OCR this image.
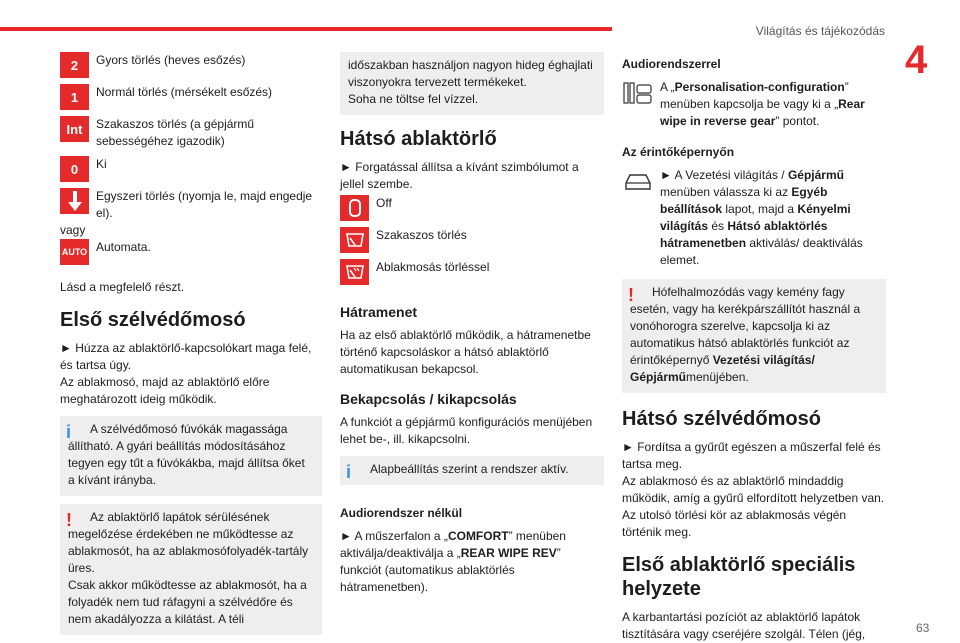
Világítás és tájékozódás
4
63
2	Gyors törlés (heves esőzés)

1	Normál törlés (mérsékelt esőzés)

Int	Szakaszos törlés (a gépjármű sebességéhez igazodik)

0	Ki

Egyszeri törlés (nyomja le, majd engedje el).

vagy

AUTO Automata.

Lásd a megfelelő részt.

Első szélvédőmosó

► Húzza az ablaktörlő-kapcsolókart maga felé, és tartsa úgy.
Az ablakmosó, majd az ablaktörlő előre meghatározott ideig működik.

i	A szélvédőmosó fúvókák magassága állítható. A gyári beállítás módosításához tegyen egy tűt a fúvókákba, majd állítsa őket a kívánt irányba.

!	Az ablaktörlő lapátok sérülésének megelőzése érdekében ne működtesse az ablakmosót, ha az ablakmosófolyadék-tartály üres.
Csak akkor működtesse az ablakmosót, ha a folyadék nem tud ráfagyni a szélvédőre és nem akadályozza a kilátást. A téli

időszakban használjon nagyon hideg éghajlati viszonyokra tervezett termékeket.
Soha ne töltse fel vízzel.

Hátsó ablaktörlő

► Forgatással állítsa a kívánt szimbólumot a jellel szembe.

Off

Szakaszos törlés

Ablakmosás törléssel

Hátramenet

Ha az első ablaktörlő működik, a hátramenetbe történő kapcsoláskor a hátsó ablaktörlő automatikusan bekapcsol.

Bekapcsolás / kikapcsolás

A funkciót a gépjármű konfigurációs menüjében lehet be-, ill. kikapcsolni.

i	Alapbeállítás szerint a rendszer aktív.

Audiorendszer nélkül

► A műszerfalon a „COMFORT” menüben aktiválja/deaktiválja a „REAR WIPE REV” funkciót (automatikus ablaktörlés hátramenetben).

Audiorendszerrel

A „Personalisation-configuration” menüben kapcsolja be vagy ki a „Rear wipe in reverse gear” pontot.

Az érintőképernyőn

► A Vezetési világítás / Gépjármű menüben válassza ki az Egyéb beállítások lapot, majd a Kényelmi világítás és Hátsó ablaktörlés hátramenetben aktiválás/ deaktiválás elemet.

!	Hófelhalmozódás vagy kemény fagy esetén, vagy ha kerékpárszállítót használ a vonóhorogra szerelve, kapcsolja ki az automatikus hátsó ablaktörlés funkciót az érintőképernyő Vezetési világítás/ Gépjárműmenüjében.

Hátsó szélvédőmosó

► Fordítsa a gyűrűt egészen a műszerfal felé és tartsa meg.
Az ablakmosó és az ablaktörlő mindaddig működik, amíg a gyűrű elfordított helyzetben van.
Az utolsó törlési kör az ablakmosás végén történik meg.

Első ablaktörlő speciális helyzete

A karbantartási pozíciót az ablaktörlő lapátok tisztítására vagy cseréjére szolgál. Télen (jég,
